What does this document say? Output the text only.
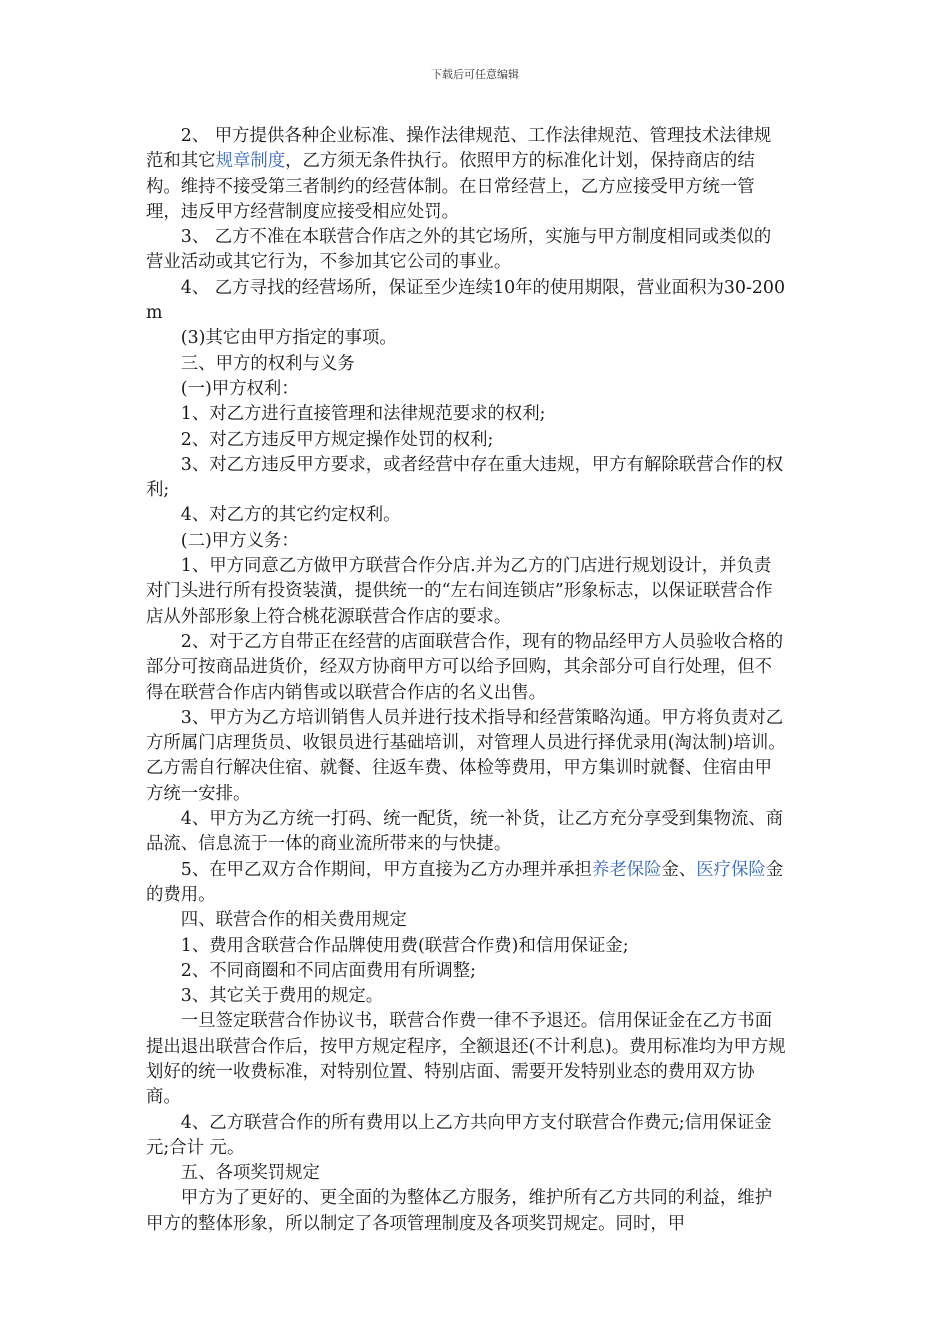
下载后可任意编辑

2、 甲方提供各种企业标准、操作法律规范、工作法律规范、管理技术法律规范和其它规章制度，乙方须无条件执行。依照甲方的标准化计划，保持商店的结构。维持不接受第三者制约的经营体制。在日常经营上，乙方应接受甲方统一管理，违反甲方经营制度应接受相应处罚。

3、 乙方不准在本联营合作店之外的其它场所，实施与甲方制度相同或类似的营业活动或其它行为，不参加其它公司的事业。

4、 乙方寻找的经营场所，保证至少连续10年的使用期限，营业面积为30-200 m

(3)其它由甲方指定的事项。

三、甲方的权利与义务

(一)甲方权利：

1、对乙方进行直接管理和法律规范要求的权利;

2、对乙方违反甲方规定操作处罚的权利;

3、对乙方违反甲方要求，或者经营中存在重大违规，甲方有解除联营合作的权利;

4、对乙方的其它约定权利。

(二)甲方义务：

1、甲方同意乙方做甲方联营合作分店.并为乙方的门店进行规划设计，并负责对门头进行所有投资装潢，提供统一的“左右间连锁店”形象标志，以保证联营合作店从外部形象上符合桃花源联营合作店的要求。

2、对于乙方自带正在经营的店面联营合作，现有的物品经甲方人员验收合格的部分可按商品进货价，经双方协商甲方可以给予回购，其余部分可自行处理，但不得在联营合作店内销售或以联营合作店的名义出售。

3、甲方为乙方培训销售人员并进行技术指导和经营策略沟通。甲方将负责对乙方所属门店理货员、收银员进行基础培训，对管理人员进行择优录用(淘汰制)培训。乙方需自行解决住宿、就餐、往返车费、体检等费用，甲方集训时就餐、住宿由甲方统一安排。

4、甲方为乙方统一打码、统一配货，统一补货，让乙方充分享受到集物流、商品流、信息流于一体的商业流所带来的与快捷。

5、在甲乙双方合作期间，甲方直接为乙方办理并承担养老保险金、医疗保险金的费用。

四、联营合作的相关费用规定

1、费用含联营合作品牌使用费(联营合作费)和信用保证金;

2、不同商圈和不同店面费用有所调整;

3、其它关于费用的规定。

一旦签定联营合作协议书，联营合作费一律不予退还。信用保证金在乙方书面提出退出联营合作后，按甲方规定程序，全额退还(不计利息)。费用标准均为甲方规划好的统一收费标准，对特别位置、特别店面、需要开发特别业态的费用双方协商。

4、乙方联营合作的所有费用以上乙方共向甲方支付联营合作费元;信用保证金 元;合计 元。

五、各项奖罚规定

甲方为了更好的、更全面的为整体乙方服务，维护所有乙方共同的利益，维护甲方的整体形象，所以制定了各项管理制度及各项奖罚规定。同时，甲
